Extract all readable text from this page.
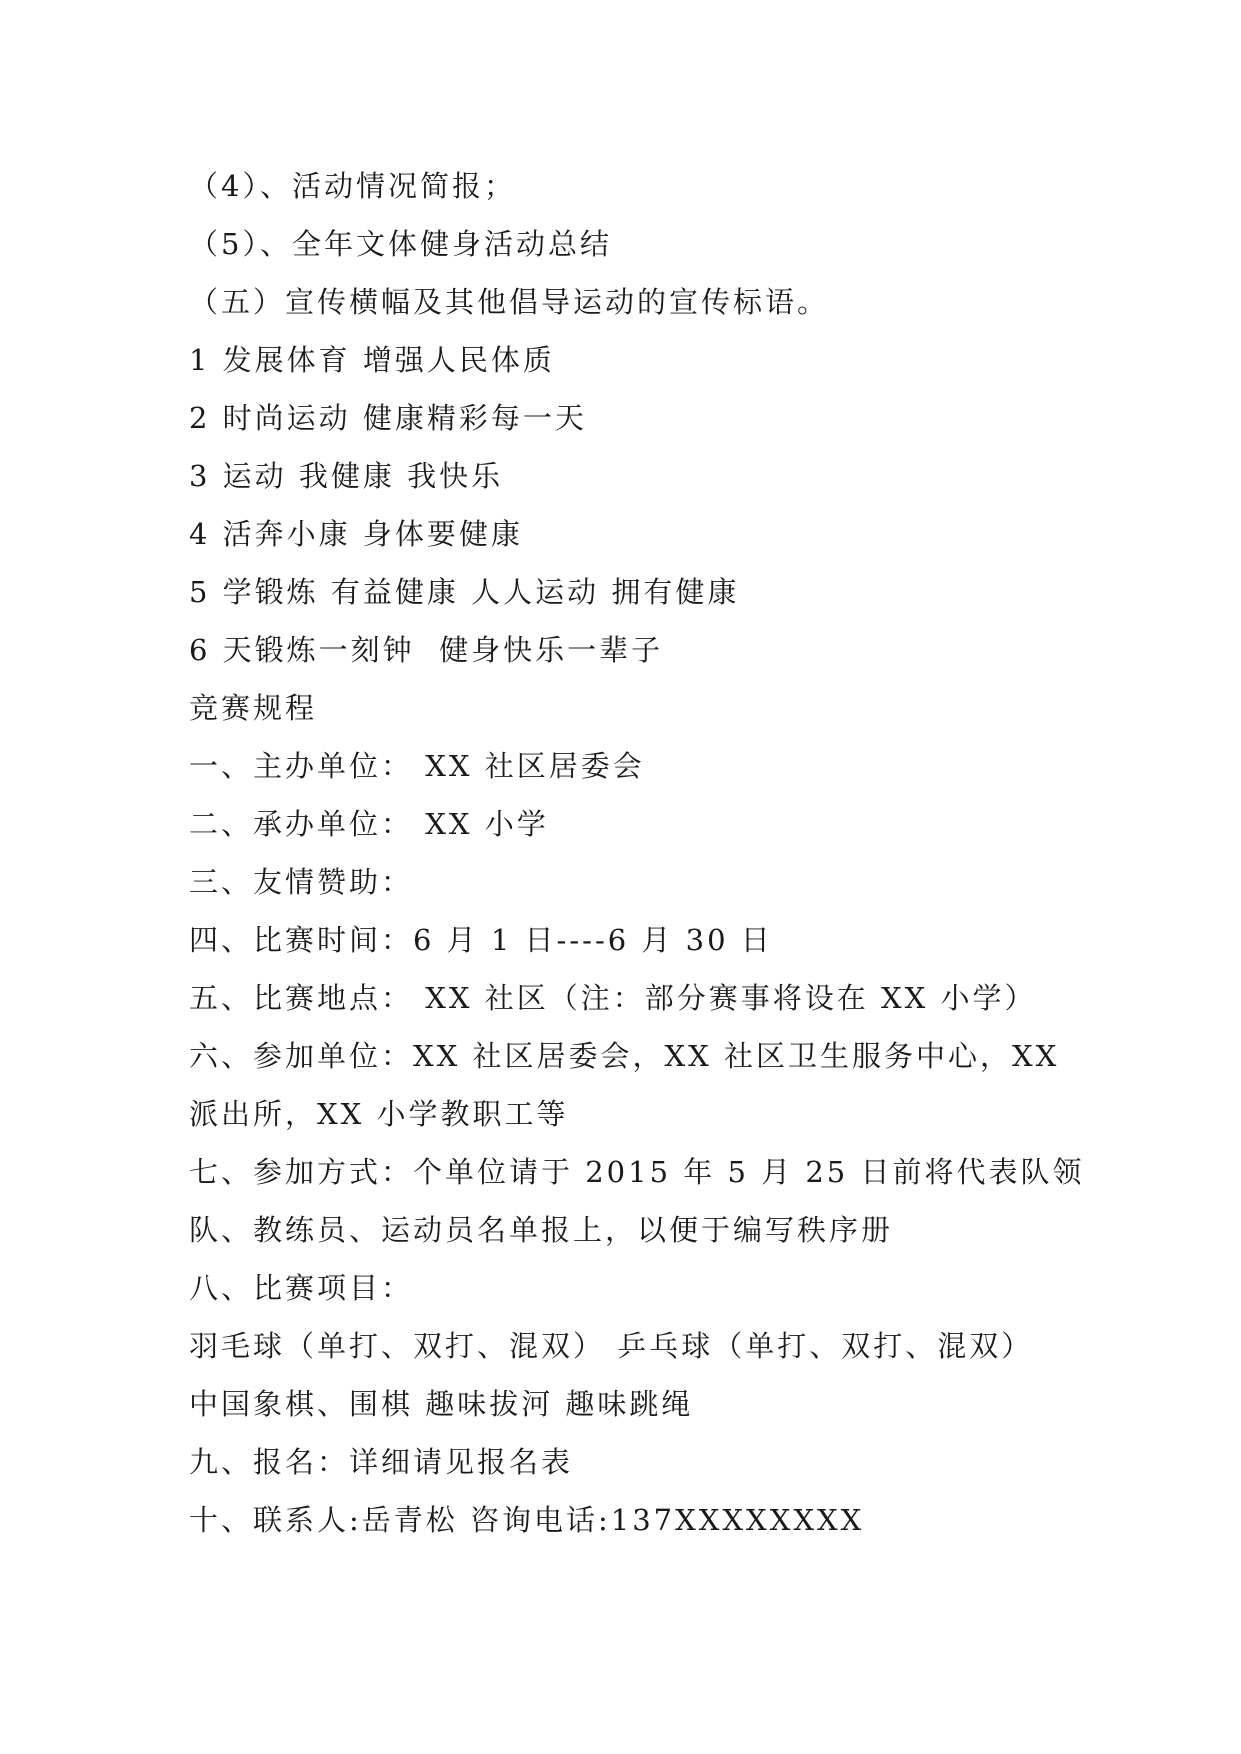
（4）、活动情况简报；
（5）、全年文体健身活动总结
（五）宣传横幅及其他倡导运动的宣传标语。
1 发展体育 增强人民体质
2 时尚运动 健康精彩每一天
3 运动 我健康 我快乐
4 活奔小康 身体要健康
5 学锻炼 有益健康 人人运动 拥有健康
6 天锻炼一刻钟  健身快乐一辈子
竞赛规程
一、主办单位： XX 社区居委会
二、承办单位： XX 小学
三、友情赞助：
四、比赛时间：6 月 1 日----6 月 30 日
五、比赛地点： XX 社区（注：部分赛事将设在 XX 小学）
六、参加单位：XX 社区居委会，XX 社区卫生服务中心，XX
派出所，XX 小学教职工等
七、参加方式：个单位请于 2015 年 5 月 25 日前将代表队领
队、教练员、运动员名单报上，以便于编写秩序册
八、比赛项目：
羽毛球（单打、双打、混双） 乒乓球（单打、双打、混双）
中国象棋、围棋 趣味拔河 趣味跳绳
九、报名：详细请见报名表
十、联系人:岳青松 咨询电话:137XXXXXXXX
